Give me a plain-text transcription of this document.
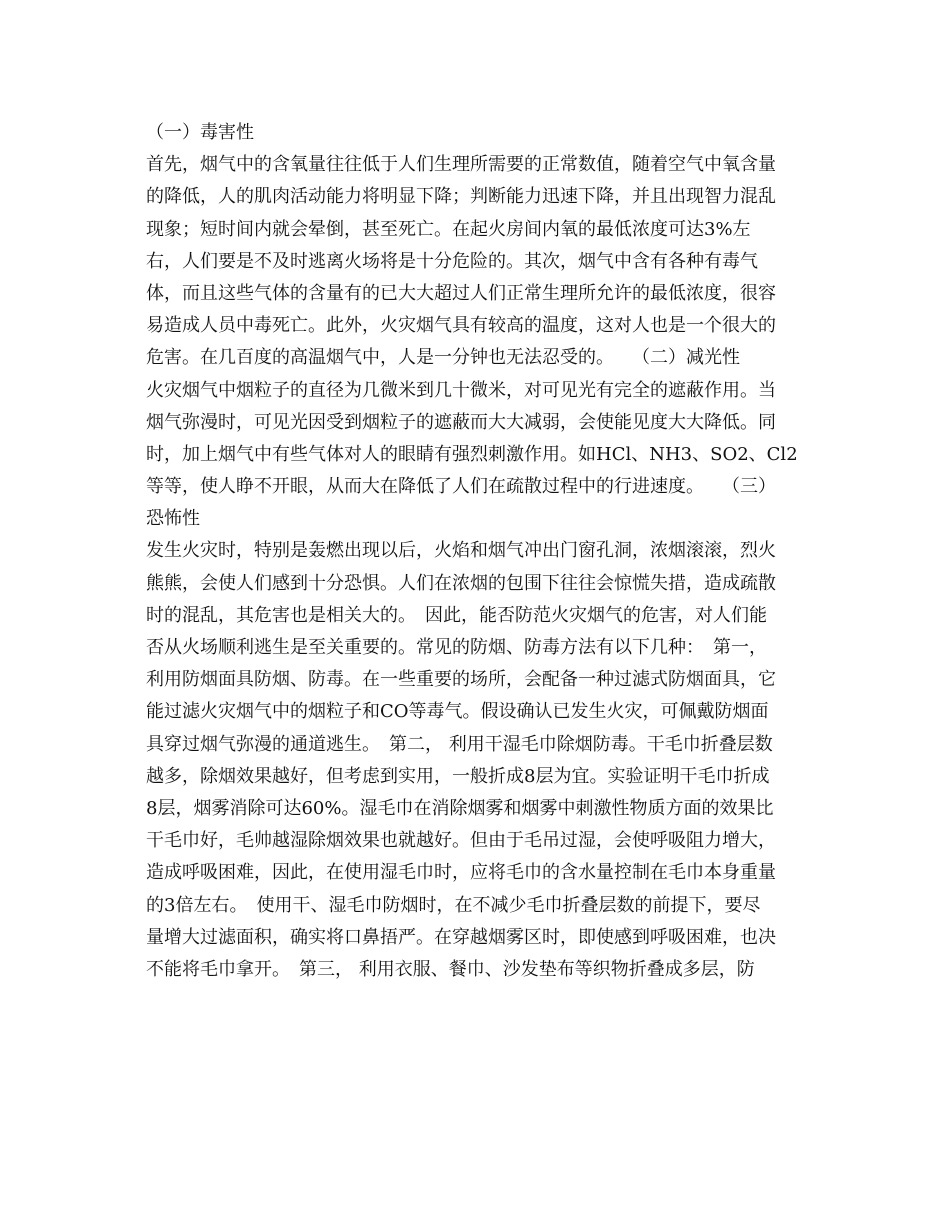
（一）毒害性
首先，烟气中的含氧量往往低于人们生理所需要的正常数值，随着空气中氧含量
的降低，人的肌肉活动能力将明显下降；判断能力迅速下降，并且出现智力混乱
现象；短时间内就会晕倒，甚至死亡。在起火房间内氧的最低浓度可达3%左
右，人们要是不及时逃离火场将是十分危险的。其次，烟气中含有各种有毒气
体，而且这些气体的含量有的已大大超过人们正常生理所允许的最低浓度，很容
易造成人员中毒死亡。此外，火灾烟气具有较高的温度，这对人也是一个很大的
危害。在几百度的高温烟气中，人是一分钟也无法忍受的。　　（二）减光性
火灾烟气中烟粒子的直径为几微米到几十微米，对可见光有完全的遮蔽作用。当
烟气弥漫时，可见光因受到烟粒子的遮蔽而大大减弱，会使能见度大大降低。同
时，加上烟气中有些气体对人的眼睛有强烈刺激作用。如HCl、NH3、SO2、Cl2
等等，使人睁不开眼，从而大在降低了人们在疏散过程中的行进速度。　　（三）
恐怖性
发生火灾时，特别是轰燃出现以后，火焰和烟气冲出门窗孔洞，浓烟滚滚，烈火
熊熊，会使人们感到十分恐惧。人们在浓烟的包围下往往会惊慌失措，造成疏散
时的混乱，其危害也是相关大的。　因此，能否防范火灾烟气的危害，对人们能
否从火场顺利逃生是至关重要的。常见的防烟、防毒方法有以下几种：　第一，
利用防烟面具防烟、防毒。在一些重要的场所，会配备一种过滤式防烟面具，它
能过滤火灾烟气中的烟粒子和CO等毒气。假设确认已发生火灾，可佩戴防烟面
具穿过烟气弥漫的通道逃生。　第二， 利用干湿毛巾除烟防毒。干毛巾折叠层数
越多，除烟效果越好，但考虑到实用，一般折成8层为宜。实验证明干毛巾折成
8层，烟雾消除可达60%。湿毛巾在消除烟雾和烟雾中刺激性物质方面的效果比
干毛巾好，毛帅越湿除烟效果也就越好。但由于毛吊过湿，会使呼吸阻力增大，
造成呼吸困难，因此，在使用湿毛巾时，应将毛巾的含水量控制在毛巾本身重量
的3倍左右。　使用干、湿毛巾防烟时，在不减少毛巾折叠层数的前提下，要尽
量增大过滤面积，确实将口鼻捂严。在穿越烟雾区时，即使感到呼吸困难，也决
不能将毛巾拿开。　第三， 利用衣服、餐巾、沙发垫布等织物折叠成多层，防
